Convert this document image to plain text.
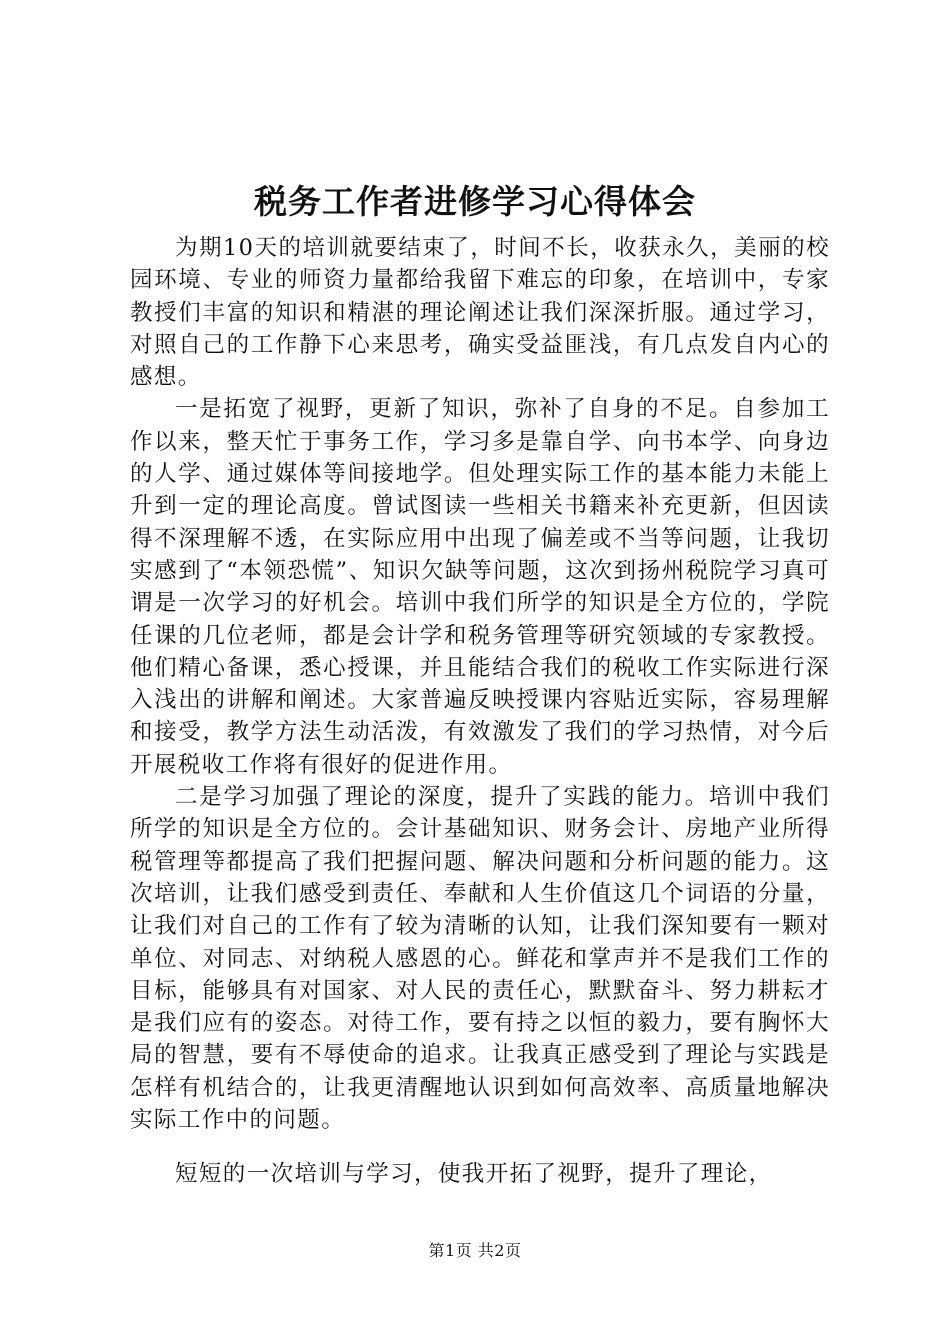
税务工作者进修学习心得体会

为期10天的培训就要结束了，时间不长，收获永久，美丽的校园环境、专业的师资力量都给我留下难忘的印象，在培训中，专家教授们丰富的知识和精湛的理论阐述让我们深深折服。通过学习，对照自己的工作静下心来思考，确实受益匪浅，有几点发自内心的感想。

一是拓宽了视野，更新了知识，弥补了自身的不足。自参加工作以来，整天忙于事务工作，学习多是靠自学、向书本学、向身边的人学、通过媒体等间接地学。但处理实际工作的基本能力未能上升到一定的理论高度。曾试图读一些相关书籍来补充更新，但因读得不深理解不透，在实际应用中出现了偏差或不当等问题，让我切实感到了“本领恐慌”、知识欠缺等问题，这次到扬州税院学习真可谓是一次学习的好机会。培训中我们所学的知识是全方位的，学院任课的几位老师，都是会计学和税务管理等研究领域的专家教授。他们精心备课，悉心授课，并且能结合我们的税收工作实际进行深入浅出的讲解和阐述。大家普遍反映授课内容贴近实际，容易理解和接受，教学方法生动活泼，有效激发了我们的学习热情，对今后开展税收工作将有很好的促进作用。

二是学习加强了理论的深度，提升了实践的能力。培训中我们所学的知识是全方位的。会计基础知识、财务会计、房地产业所得税管理等都提高了我们把握问题、解决问题和分析问题的能力。这次培训，让我们感受到责任、奉献和人生价值这几个词语的分量，让我们对自己的工作有了较为清晰的认知，让我们深知要有一颗对单位、对同志、对纳税人感恩的心。鲜花和掌声并不是我们工作的目标，能够具有对国家、对人民的责任心，默默奋斗、努力耕耘才是我们应有的姿态。对待工作，要有持之以恒的毅力，要有胸怀大局的智慧，要有不辱使命的追求。让我真正感受到了理论与实践是怎样有机结合的，让我更清醒地认识到如何高效率、高质量地解决实际工作中的问题。

短短的一次培训与学习，使我开拓了视野，提升了理论，

第1页 共2页
